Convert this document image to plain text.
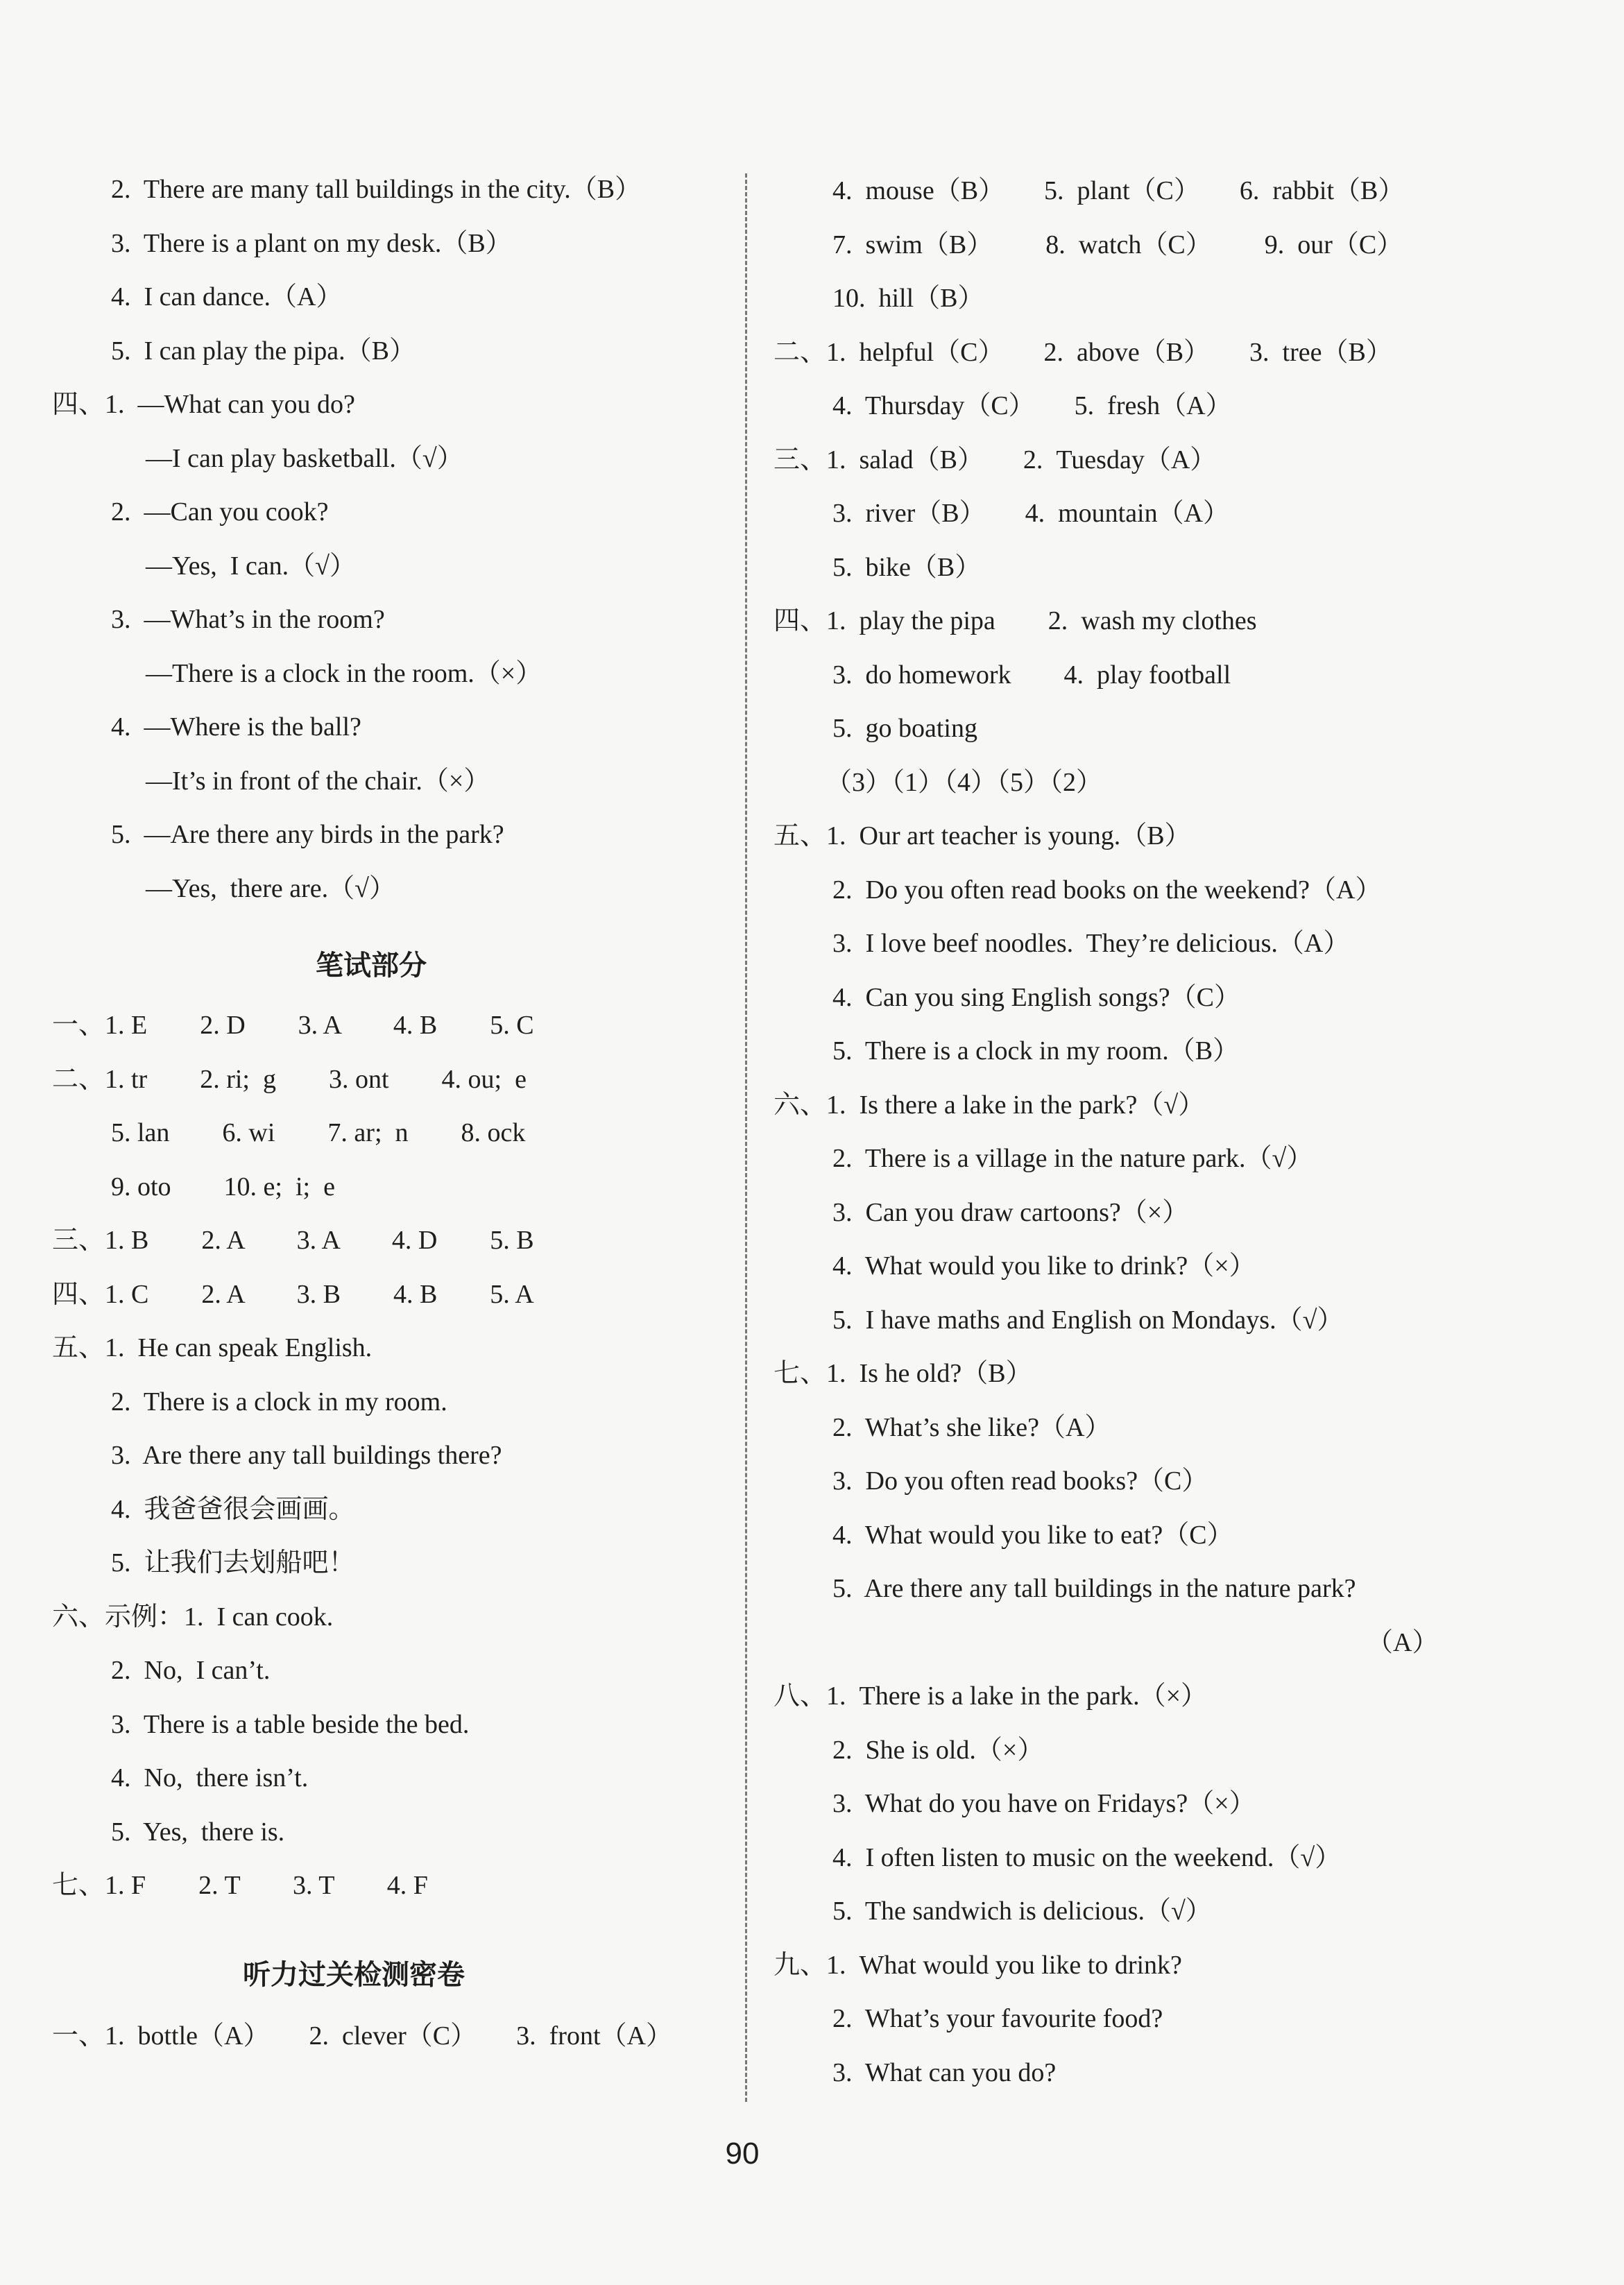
2.  There are many tall buildings in the city.（B）
3.  There is a plant on my desk.（B）
4.  I can dance.（A）
5.  I can play the pipa.（B）
四、1.  —What can you do?
—I can play basketball.（√）
2.  —Can you cook?
—Yes,  I can.（√）
3.  —What’s in the room?
—There is a clock in the room.（×）
4.  —Where is the ball?
—It’s in front of the chair.（×）
5.  —Are there any birds in the park?
—Yes,  there are.（√）
笔试部分
一、1. E        2. D        3. A        4. B        5. C
二、1. tr        2. ri;  g        3. ont        4. ou;  e
5. lan        6. wi        7. ar;  n        8. ock
9. oto        10. e;  i;  e
三、1. B        2. A        3. A        4. D        5. B
四、1. C        2. A        3. B        4. B        5. A
五、1.  He can speak English.
2.  There is a clock in my room.
3.  Are there any tall buildings there?
4.  我爸爸很会画画。
5.  让我们去划船吧！
六、示例：1.  I can cook.
2.  No,  I can’t.
3.  There is a table beside the bed.
4.  No,  there isn’t.
5.  Yes,  there is.
七、1. F        2. T        3. T        4. F
听力过关检测密卷
一、1.  bottle（A）      2.  clever（C）      3.  front（A）
4.  mouse（B）      5.  plant（C）      6.  rabbit（B）
7.  swim（B）        8.  watch（C）        9.  our（C）
10.  hill（B）
二、1.  helpful（C）      2.  above（B）      3.  tree（B）
4.  Thursday（C）      5.  fresh（A）
三、1.  salad（B）      2.  Tuesday（A）
3.  river（B）      4.  mountain（A）
5.  bike（B）
四、1.  play the pipa        2.  wash my clothes
3.  do homework        4.  play football
5.  go boating
（3）（1）（4）（5）（2）
五、1.  Our art teacher is young.（B）
2.  Do you often read books on the weekend?（A）
3.  I love beef noodles.  They’re delicious.（A）
4.  Can you sing English songs?（C）
5.  There is a clock in my room.（B）
六、1.  Is there a lake in the park?（√）
2.  There is a village in the nature park.（√）
3.  Can you draw cartoons?（×）
4.  What would you like to drink?（×）
5.  I have maths and English on Mondays.（√）
七、1.  Is he old?（B）
2.  What’s she like?（A）
3.  Do you often read books?（C）
4.  What would you like to eat?（C）
5.  Are there any tall buildings in the nature park?
（A）
八、1.  There is a lake in the park.（×）
2.  She is old.（×）
3.  What do you have on Fridays?（×）
4.  I often listen to music on the weekend.（√）
5.  The sandwich is delicious.（√）
九、1.  What would you like to drink?
2.  What’s your favourite food?
3.  What can you do?
90
